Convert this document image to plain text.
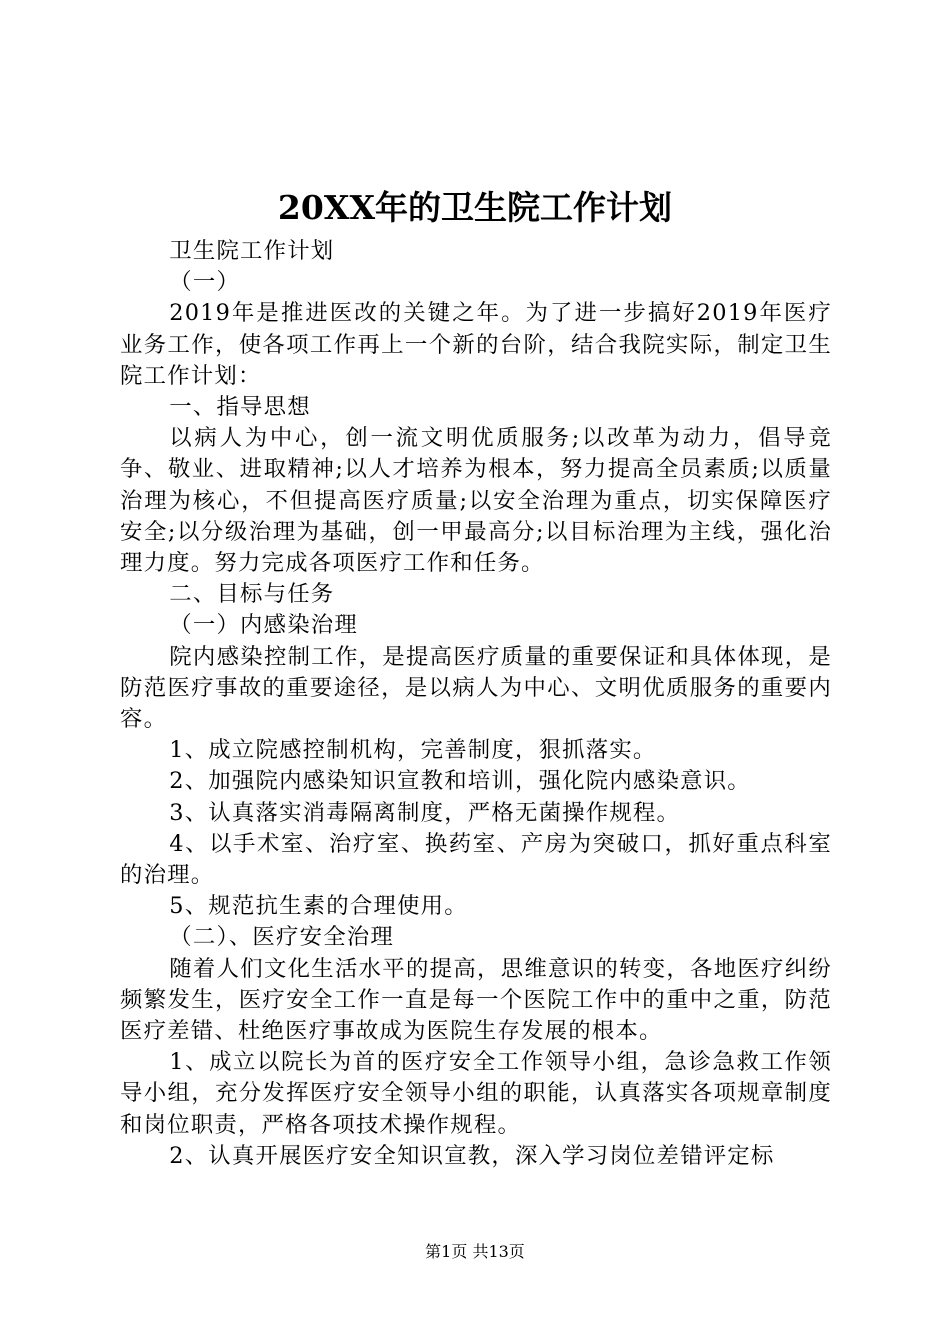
20XX年的卫生院工作计划

卫生院工作计划

（一）

2019年是推进医改的关键之年。为了进一步搞好2019年医疗业务工作，使各项工作再上一个新的台阶，结合我院实际，制定卫生院工作计划：

一、指导思想

以病人为中心，创一流文明优质服务;以改革为动力，倡导竞争、敬业、进取精神;以人才培养为根本，努力提高全员素质;以质量治理为核心，不但提高医疗质量;以安全治理为重点，切实保障医疗安全;以分级治理为基础，创一甲最高分;以目标治理为主线，强化治理力度。努力完成各项医疗工作和任务。

二、目标与任务

（一）内感染治理

院内感染控制工作，是提高医疗质量的重要保证和具体体现，是防范医疗事故的重要途径，是以病人为中心、文明优质服务的重要内容。

1、成立院感控制机构，完善制度，狠抓落实。

2、加强院内感染知识宣教和培训，强化院内感染意识。

3、认真落实消毒隔离制度，严格无菌操作规程。

4、以手术室、治疗室、换药室、产房为突破口，抓好重点科室的治理。

5、规范抗生素的合理使用。

（二）、医疗安全治理

随着人们文化生活水平的提高，思维意识的转变，各地医疗纠纷频繁发生，医疗安全工作一直是每一个医院工作中的重中之重，防范医疗差错、杜绝医疗事故成为医院生存发展的根本。

1、成立以院长为首的医疗安全工作领导小组，急诊急救工作领导小组，充分发挥医疗安全领导小组的职能，认真落实各项规章制度和岗位职责，严格各项技术操作规程。

2、认真开展医疗安全知识宣教，深入学习岗位差错评定标

第1页 共13页
